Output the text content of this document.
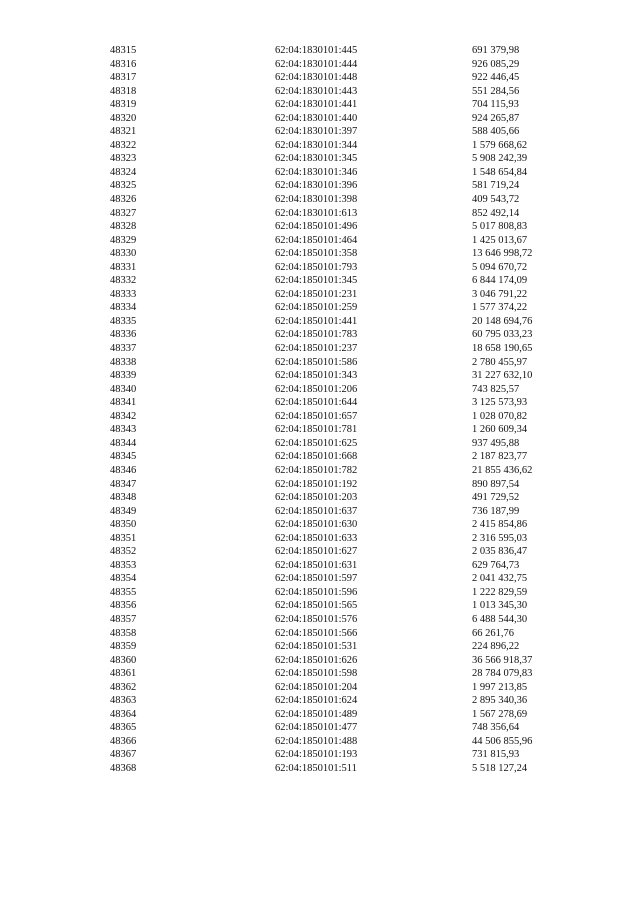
48315	62:04:1830101:445	691 379,98
48316	62:04:1830101:444	926 085,29
48317	62:04:1830101:448	922 446,45
48318	62:04:1830101:443	551 284,56
48319	62:04:1830101:441	704 115,93
48320	62:04:1830101:440	924 265,87
48321	62:04:1830101:397	588 405,66
48322	62:04:1830101:344	1 579 668,62
48323	62:04:1830101:345	5 908 242,39
48324	62:04:1830101:346	1 548 654,84
48325	62:04:1830101:396	581 719,24
48326	62:04:1830101:398	409 543,72
48327	62:04:1830101:613	852 492,14
48328	62:04:1850101:496	5 017 808,83
48329	62:04:1850101:464	1 425 013,67
48330	62:04:1850101:358	13 646 998,72
48331	62:04:1850101:793	5 094 670,72
48332	62:04:1850101:345	6 844 174,09
48333	62:04:1850101:231	3 046 791,22
48334	62:04:1850101:259	1 577 374,22
48335	62:04:1850101:441	20 148 694,76
48336	62:04:1850101:783	60 795 033,23
48337	62:04:1850101:237	18 658 190,65
48338	62:04:1850101:586	2 780 455,97
48339	62:04:1850101:343	31 227 632,10
48340	62:04:1850101:206	743 825,57
48341	62:04:1850101:644	3 125 573,93
48342	62:04:1850101:657	1 028 070,82
48343	62:04:1850101:781	1 260 609,34
48344	62:04:1850101:625	937 495,88
48345	62:04:1850101:668	2 187 823,77
48346	62:04:1850101:782	21 855 436,62
48347	62:04:1850101:192	890 897,54
48348	62:04:1850101:203	491 729,52
48349	62:04:1850101:637	736 187,99
48350	62:04:1850101:630	2 415 854,86
48351	62:04:1850101:633	2 316 595,03
48352	62:04:1850101:627	2 035 836,47
48353	62:04:1850101:631	629 764,73
48354	62:04:1850101:597	2 041 432,75
48355	62:04:1850101:596	1 222 829,59
48356	62:04:1850101:565	1 013 345,30
48357	62:04:1850101:576	6 488 544,30
48358	62:04:1850101:566	66 261,76
48359	62:04:1850101:531	224 896,22
48360	62:04:1850101:626	36 566 918,37
48361	62:04:1850101:598	28 784 079,83
48362	62:04:1850101:204	1 997 213,85
48363	62:04:1850101:624	2 895 340,36
48364	62:04:1850101:489	1 567 278,69
48365	62:04:1850101:477	748 356,64
48366	62:04:1850101:488	44 506 855,96
48367	62:04:1850101:193	731 815,93
48368	62:04:1850101:511	5 518 127,24
